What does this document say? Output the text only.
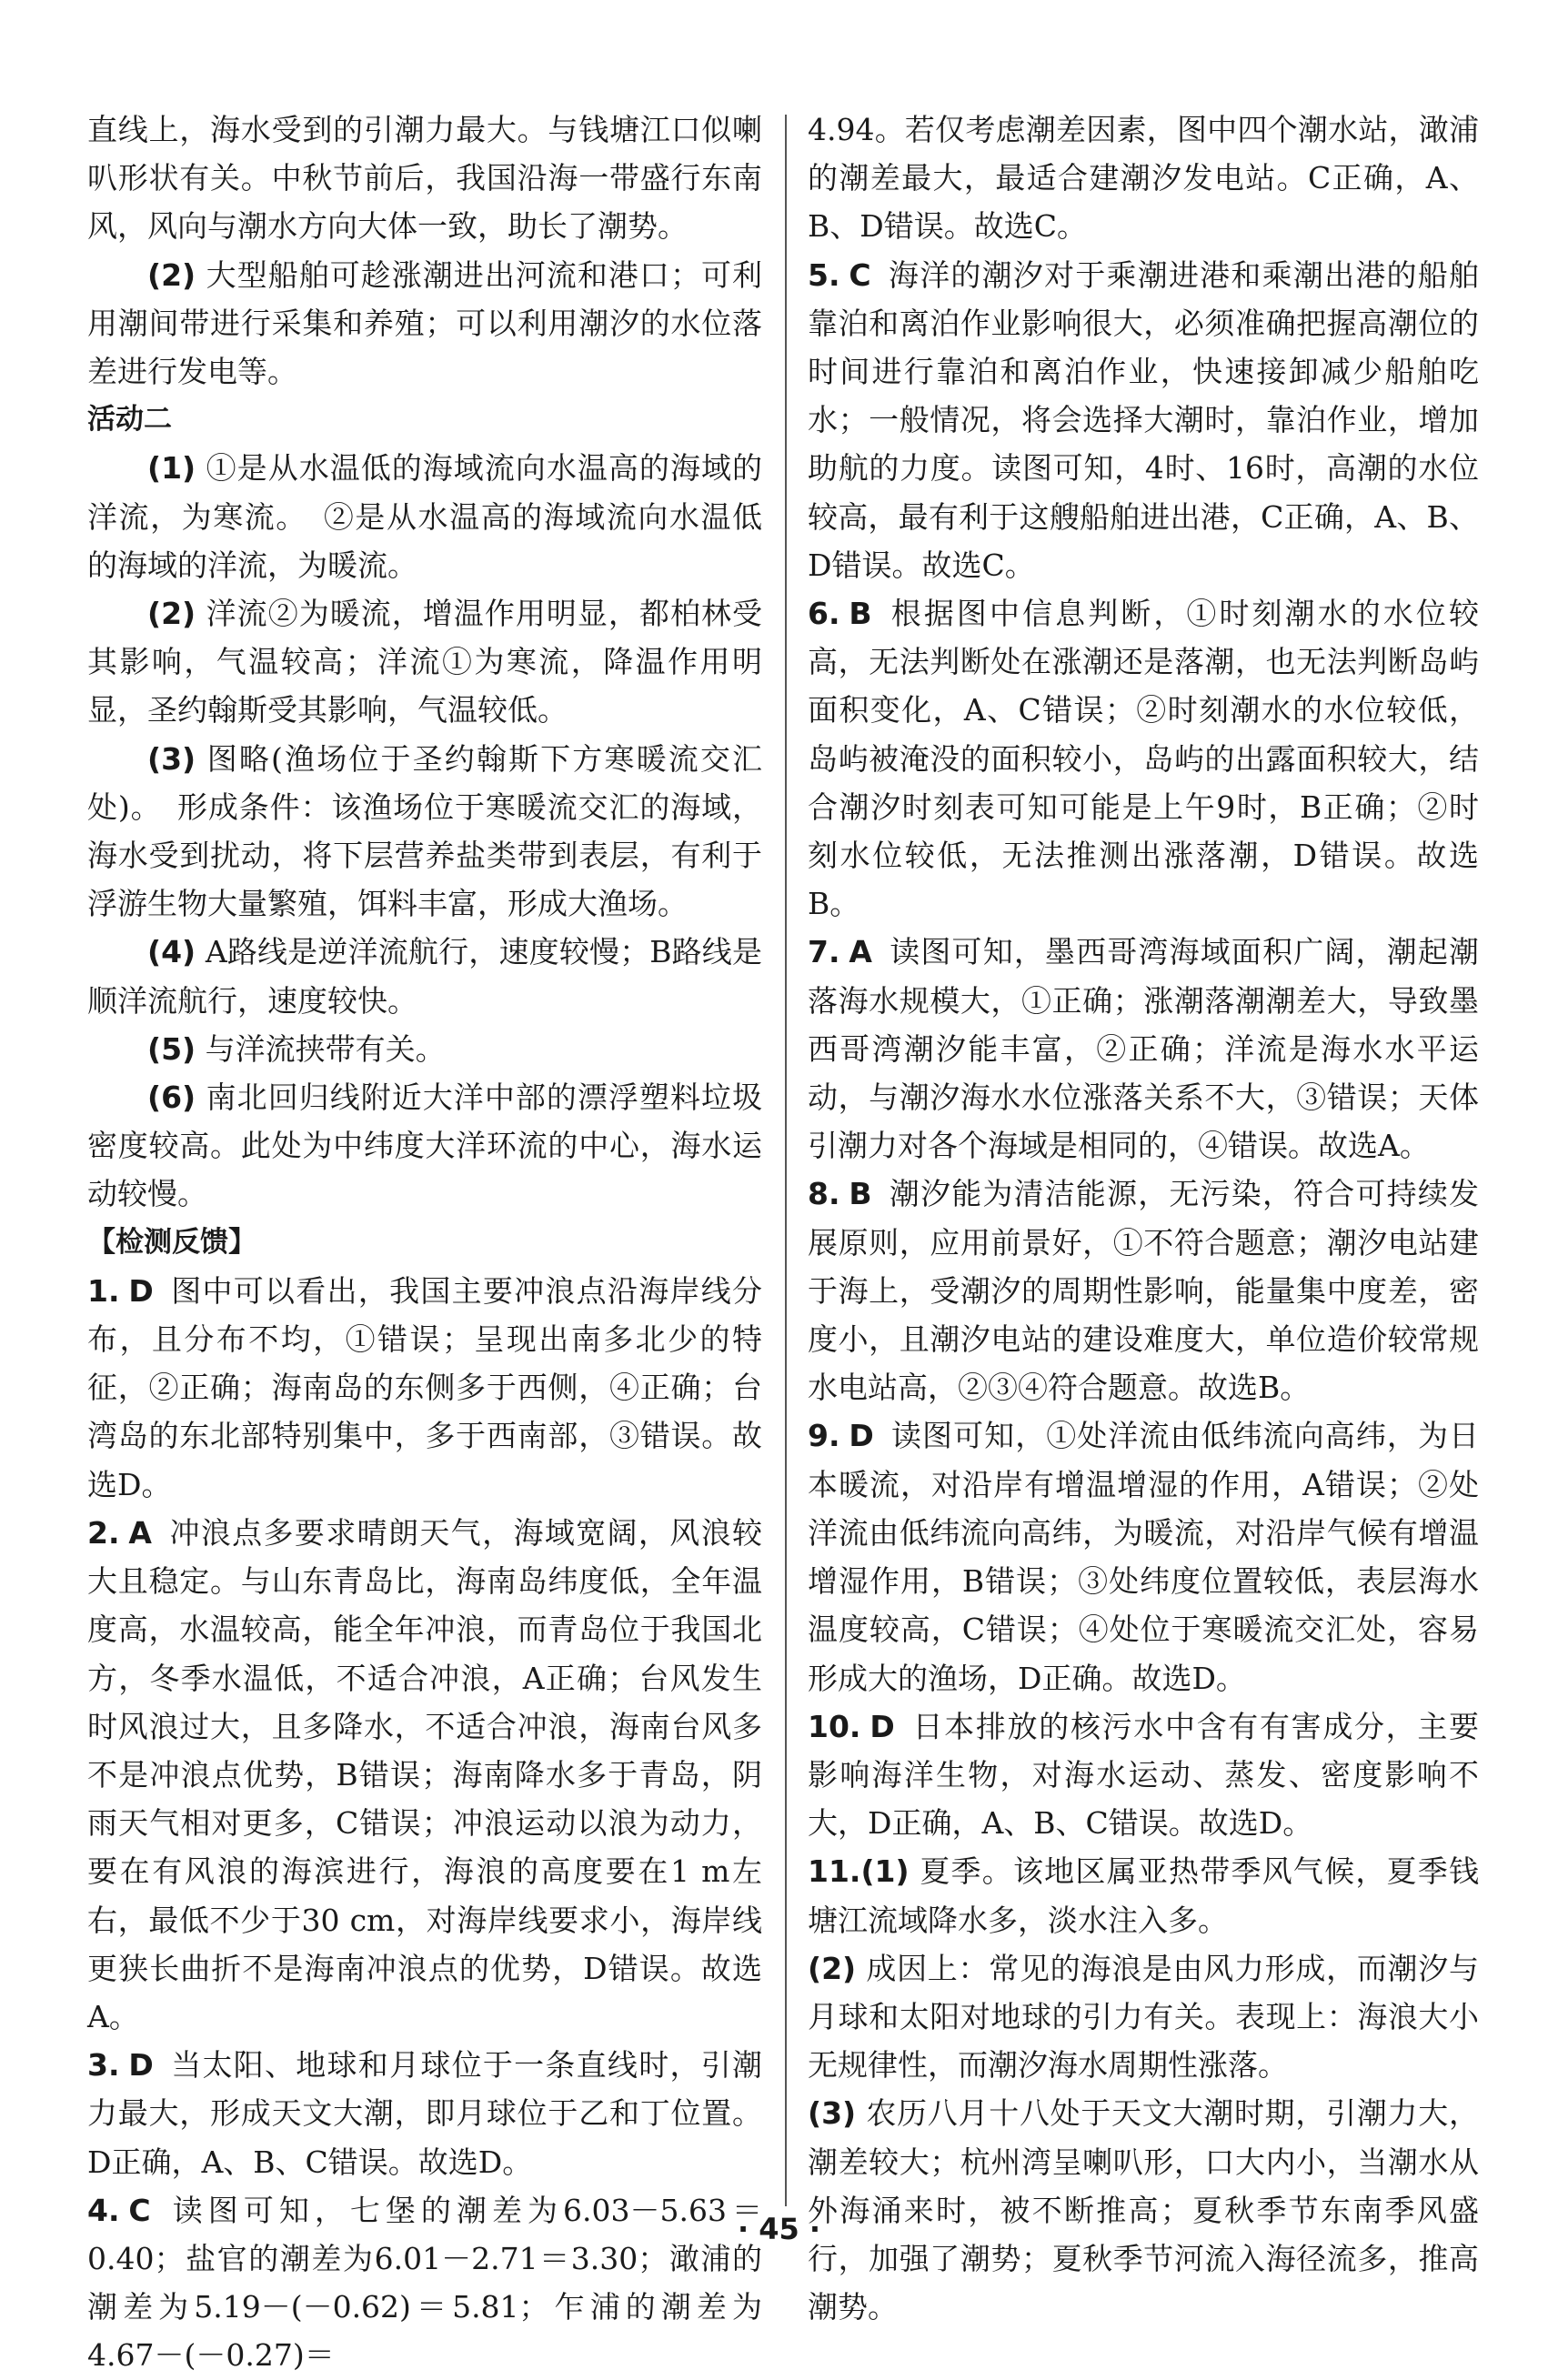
直线上，海水受到的引潮力最大。与钱塘江口似喇叭形状有关。中秋节前后，我国沿海一带盛行东南风，风向与潮水方向大体一致，助长了潮势。

(2) 大型船舶可趁涨潮进出河流和港口；可利用潮间带进行采集和养殖；可以利用潮汐的水位落差进行发电等。

活动二

(1) ①是从水温低的海域流向水温高的海域的洋流，为寒流。　②是从水温高的海域流向水温低的海域的洋流，为暖流。

(2) 洋流②为暖流，增温作用明显，都柏林受其影响，气温较高；洋流①为寒流，降温作用明显，圣约翰斯受其影响，气温较低。

(3) 图略(渔场位于圣约翰斯下方寒暖流交汇处)。　形成条件：该渔场位于寒暖流交汇的海域，海水受到扰动，将下层营养盐类带到表层，有利于浮游生物大量繁殖，饵料丰富，形成大渔场。

(4) A路线是逆洋流航行，速度较慢；B路线是顺洋流航行，速度较快。

(5) 与洋流挟带有关。

(6) 南北回归线附近大洋中部的漂浮塑料垃圾密度较高。此处为中纬度大洋环流的中心，海水运动较慢。

【检测反馈】

1. D 图中可以看出，我国主要冲浪点沿海岸线分布，且分布不均，①错误；呈现出南多北少的特征，②正确；海南岛的东侧多于西侧，④正确；台湾岛的东北部特别集中，多于西南部，③错误。故选D。

2. A 冲浪点多要求晴朗天气，海域宽阔，风浪较大且稳定。与山东青岛比，海南岛纬度低，全年温度高，水温较高，能全年冲浪，而青岛位于我国北方，冬季水温低，不适合冲浪，A正确；台风发生时风浪过大，且多降水，不适合冲浪，海南台风多不是冲浪点优势，B错误；海南降水多于青岛，阴雨天气相对更多，C错误；冲浪运动以浪为动力，要在有风浪的海滨进行，海浪的高度要在1 m左右，最低不少于30 cm，对海岸线要求小，海岸线更狭长曲折不是海南冲浪点的优势，D错误。故选A。

3. D 当太阳、地球和月球位于一条直线时，引潮力最大，形成天文大潮，即月球位于乙和丁位置。D正确，A、B、C错误。故选D。

4. C 读图可知，七堡的潮差为6.03－5.63＝0.40；盐官的潮差为6.01－2.71＝3.30；澉浦的潮差为5.19－(－0.62)＝5.81；乍浦的潮差为4.67－(－0.27)＝

4.94。若仅考虑潮差因素，图中四个潮水站，澉浦的潮差最大，最适合建潮汐发电站。C正确，A、B、D错误。故选C。

5. C 海洋的潮汐对于乘潮进港和乘潮出港的船舶靠泊和离泊作业影响很大，必须准确把握高潮位的时间进行靠泊和离泊作业，快速接卸减少船舶吃水；一般情况，将会选择大潮时，靠泊作业，增加助航的力度。读图可知，4时、16时，高潮的水位较高，最有利于这艘船舶进出港，C正确，A、B、D错误。故选C。

6. B 根据图中信息判断，①时刻潮水的水位较高，无法判断处在涨潮还是落潮，也无法判断岛屿面积变化，A、C错误；②时刻潮水的水位较低，岛屿被淹没的面积较小，岛屿的出露面积较大，结合潮汐时刻表可知可能是上午9时，B正确；②时刻水位较低，无法推测出涨落潮，D错误。故选B。

7. A 读图可知，墨西哥湾海域面积广阔，潮起潮落海水规模大，①正确；涨潮落潮潮差大，导致墨西哥湾潮汐能丰富，②正确；洋流是海水水平运动，与潮汐海水水位涨落关系不大，③错误；天体引潮力对各个海域是相同的，④错误。故选A。

8. B 潮汐能为清洁能源，无污染，符合可持续发展原则，应用前景好，①不符合题意；潮汐电站建于海上，受潮汐的周期性影响，能量集中度差，密度小，且潮汐电站的建设难度大，单位造价较常规水电站高，②③④符合题意。故选B。

9. D 读图可知，①处洋流由低纬流向高纬，为日本暖流，对沿岸有增温增湿的作用，A错误；②处洋流由低纬流向高纬，为暖流，对沿岸气候有增温增湿作用，B错误；③处纬度位置较低，表层海水温度较高，C错误；④处位于寒暖流交汇处，容易形成大的渔场，D正确。故选D。

10. D 日本排放的核污水中含有有害成分，主要影响海洋生物，对海水运动、蒸发、密度影响不大，D正确，A、B、C错误。故选D。

11.(1) 夏季。该地区属亚热带季风气候，夏季钱塘江流域降水多，淡水注入多。

(2) 成因上：常见的海浪是由风力形成，而潮汐与月球和太阳对地球的引力有关。表现上：海浪大小无规律性，而潮汐海水周期性涨落。

(3) 农历八月十八处于天文大潮时期，引潮力大，潮差较大；杭州湾呈喇叭形，口大内小，当潮水从外海涌来时，被不断推高；夏秋季节东南季风盛行，加强了潮势；夏秋季节河流入海径流多，推高潮势。

· 45 ·
